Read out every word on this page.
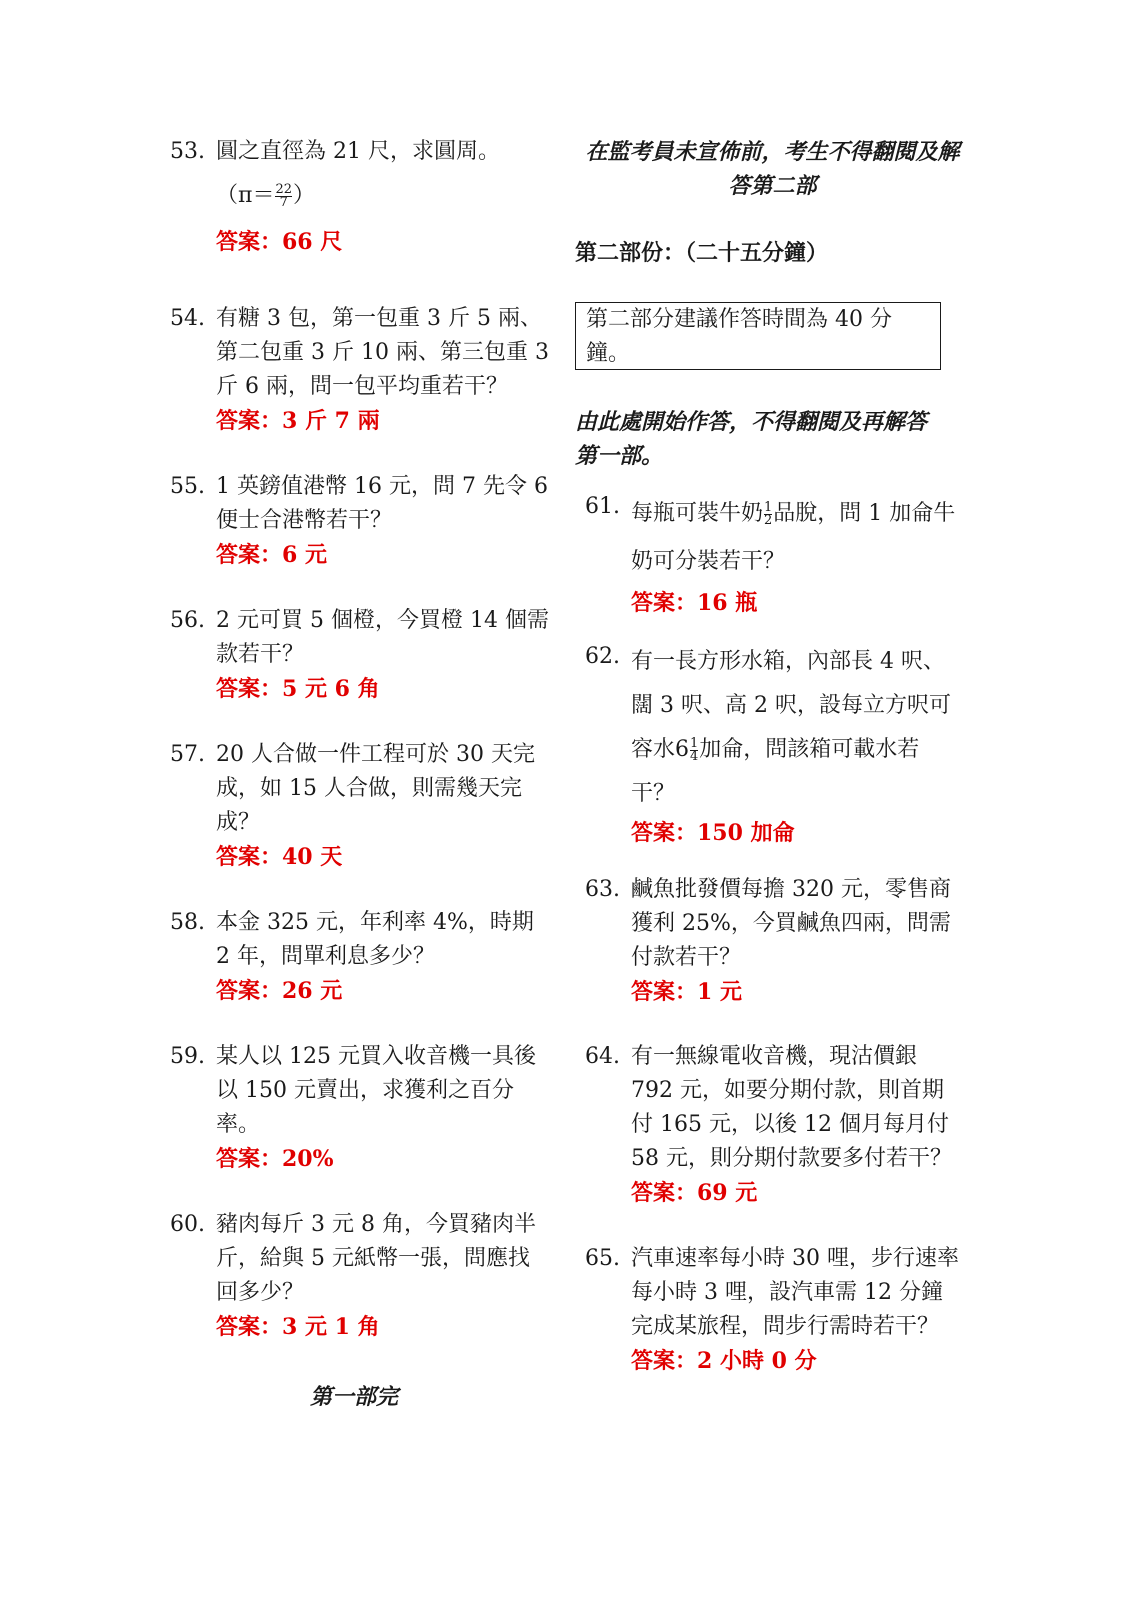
53. 圓之直徑為 21 尺，求圓周。
（$\pi= \frac{22}{7}$ ）
答案：66 尺
54. 有糖 3 包，第一包重 3 斤 5 兩、第二包重 3 斤 10 兩、第三包重 3 斤 6 兩，問一包平均重若干？
答案：3 斤 7 兩
55. 1 英鎊值港幣 16 元，問 7 先令 6 便士合港幣若干？
答案：6 元
56. 2 元可買 5 個橙，今買橙 14 個需款若干？
答案：5 元 6 角
57. 20 人合做一件工程可於 30 天完成，如 15 人合做，則需幾天完成？
答案：40 天
58. 本金 325 元，年利率 4%，時期 2 年，問單利息多少？
答案：26 元
59. 某人以 125 元買入收音機一具後以 150 元賣出，求獲利之百分率。
答案：20%
60. 豬肉每斤 3 元 8 角，今買豬肉半斤，給與 5 元紙幣一張，問應找回多少？
答案：3 元 1 角
第一部完
在監考員未宣佈前，考生不得翻閱及解答第二部
第二部份：（二十五分鐘）
第二部分建議作答時間為 40 分鐘。
由此處開始作答，不得翻閱及再解答第一部。
61. 每瓶可裝牛奶 $\frac{1}{2}$ 品脫，問 1 加侖牛奶可分裝若干？
答案：16 瓶
62. 有一長方形水箱，內部長 4 呎、闊 3 呎、高 2 呎，設每立方呎可容水$6 \frac{1}{4}$ 加侖，問該箱可載水若干？
答案：150 加侖
63. 鹹魚批發價每擔 320 元，零售商獲利 25%，今買鹹魚四兩，問需付款若干？
答案：1 元
64. 有一無線電收音機，現沽價銀 792 元，如要分期付款，則首期付 165 元，以後 12 個月每月付 58 元，則分期付款要多付若干？
答案：69 元
65. 汽車速率每小時 30 哩，步行速率每小時 3 哩，設汽車需 12 分鐘完成某旅程，問步行需時若干？
答案：2 小時 0 分
